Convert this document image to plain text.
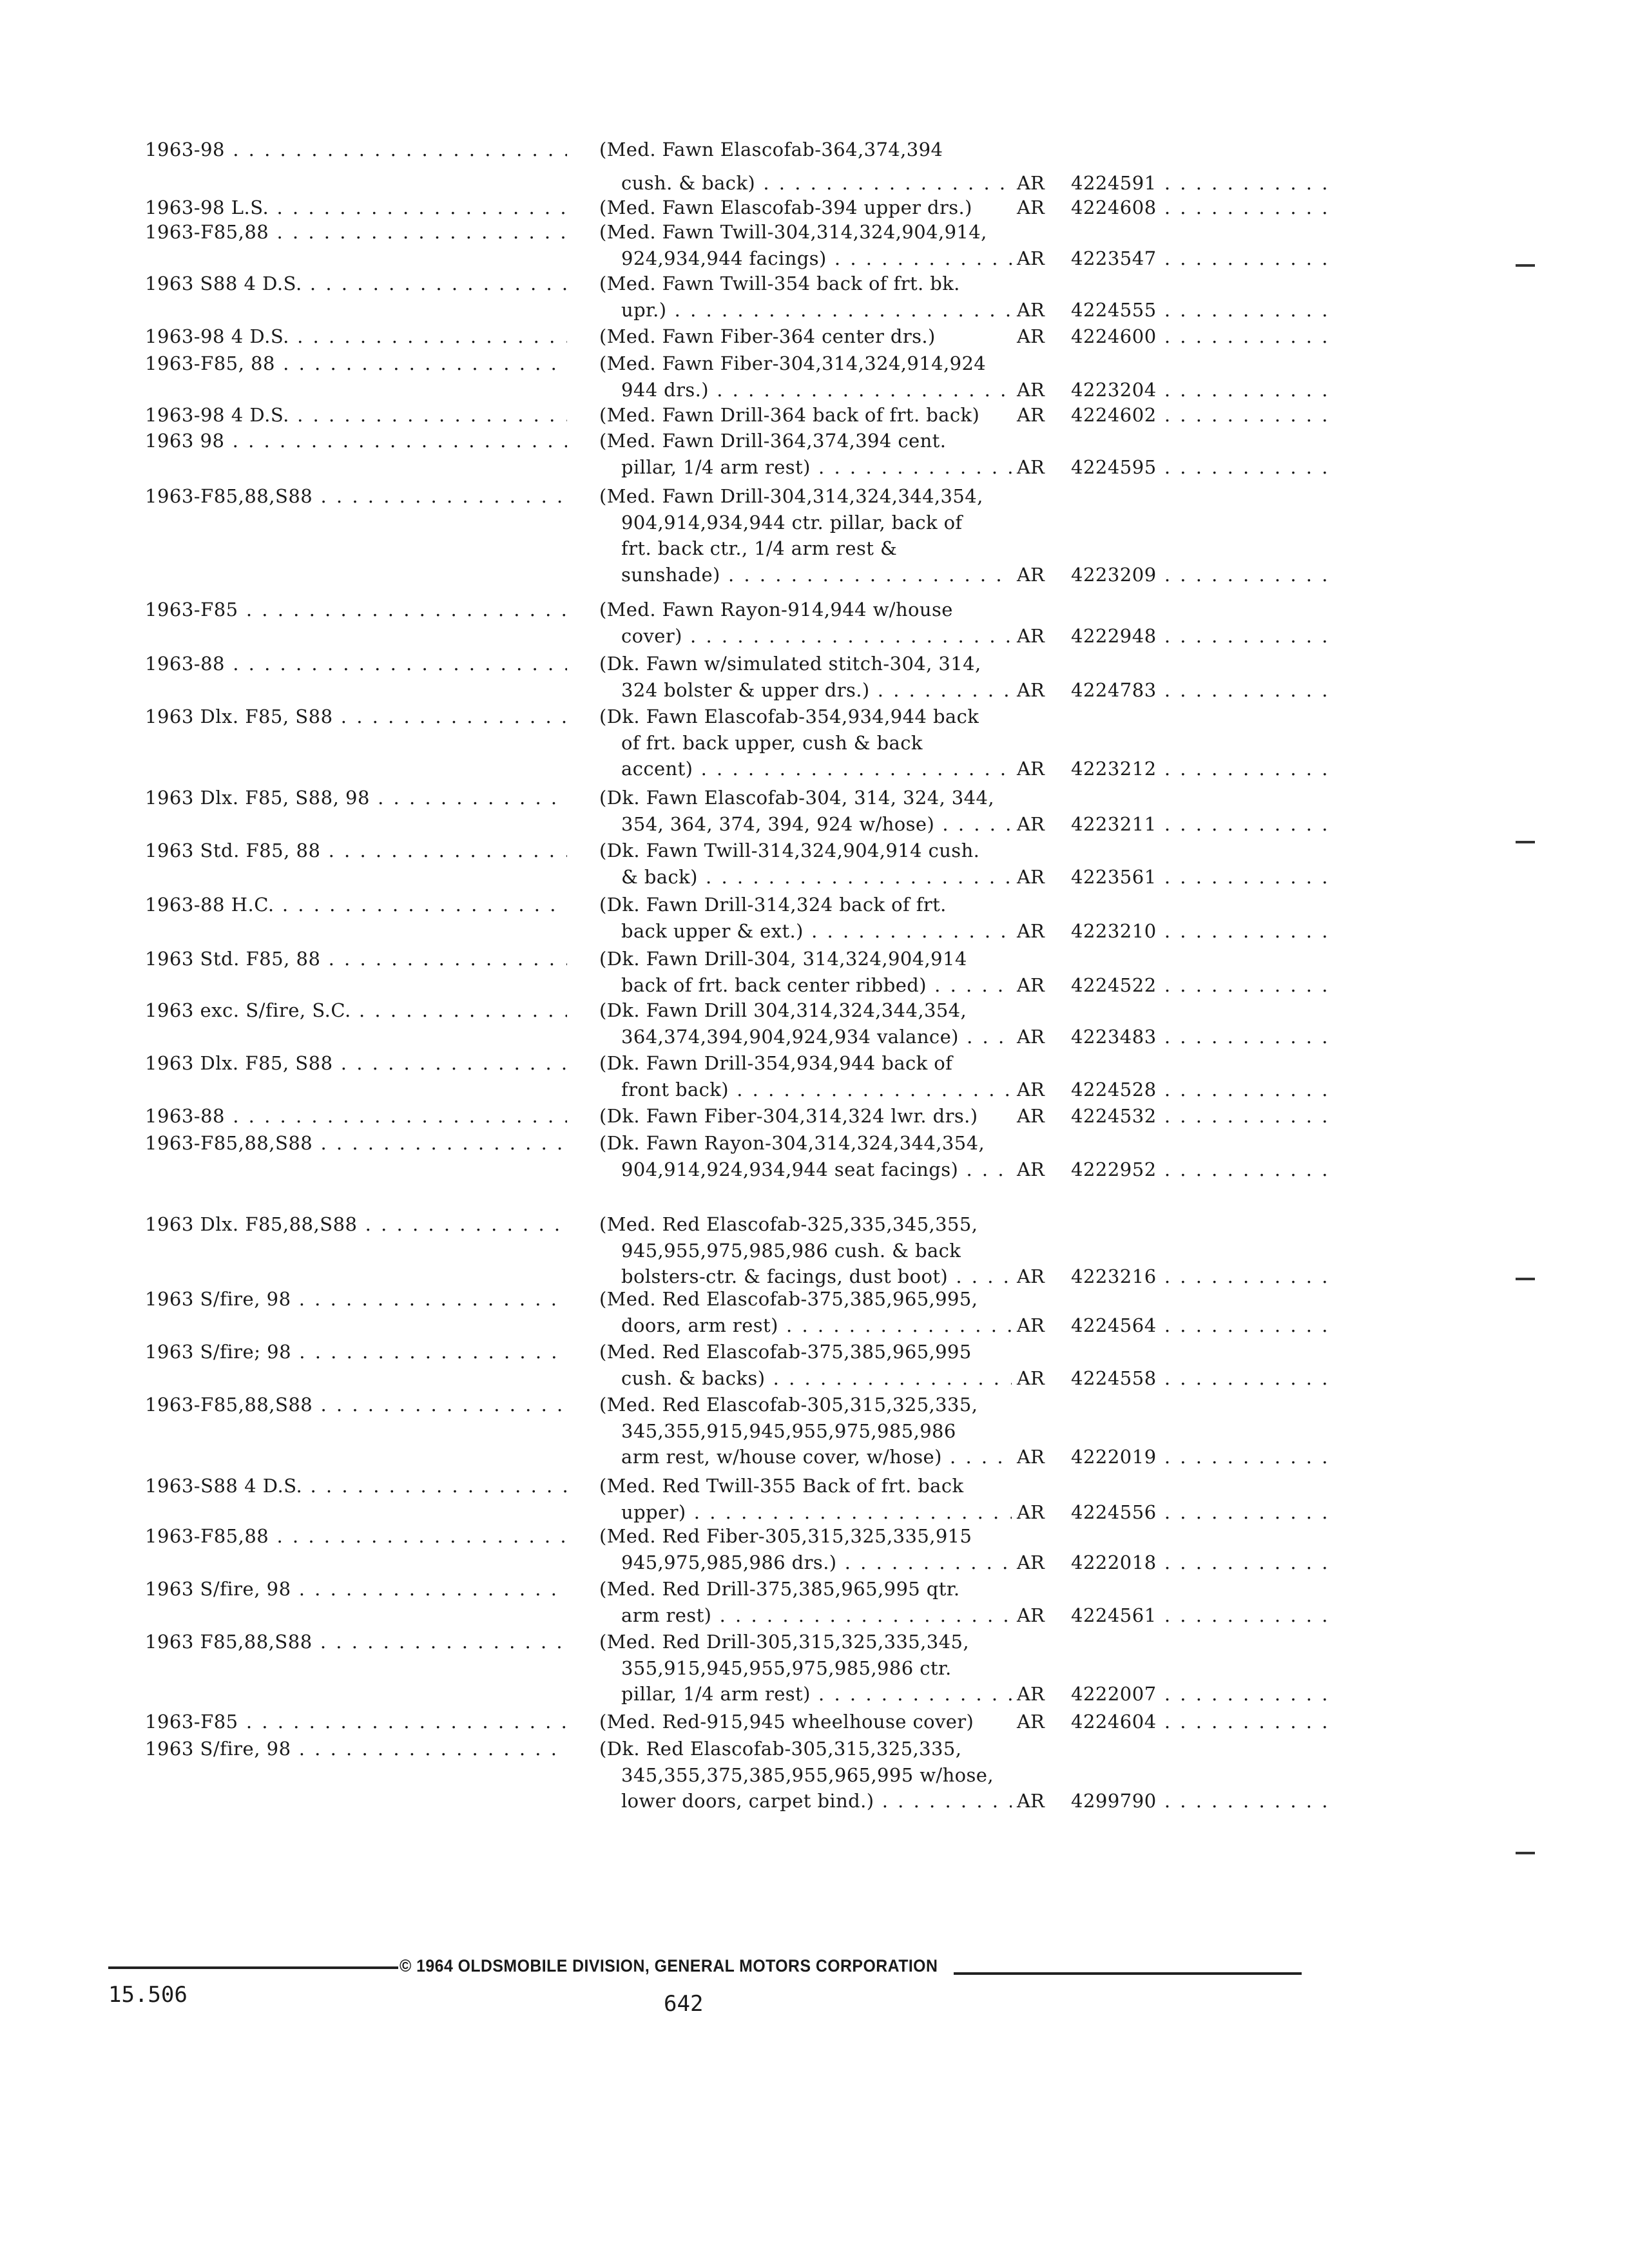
1963-98 . . .	(Med. Fawn Elascofab-364,374,394
cush. & back) . . .	AR	4224591 . . .
1963-98 L.S. . . .	(Med. Fawn Elascofab-394 upper drs.)	AR	4224608 . . .
1963-F85,88 . . .	(Med. Fawn Twill-304,314,324,904,914,
924,934,944 facings) . . .	AR	4223547 . . .
1963 S88 4 D.S. . . .	(Med. Fawn Twill-354 back of frt. bk.
upr.) . . .	AR	4224555 . . .
1963-98 4 D.S. . . .	(Med. Fawn Fiber-364 center drs.)	AR	4224600 . . .
1963-F85, 88 . . .	(Med. Fawn Fiber-304,314,324,914,924
944 drs.) . . .	AR	4223204 . . .
1963-98 4 D.S. . . .	(Med. Fawn Drill-364 back of frt. back)	AR	4224602 . . .
1963 98 . . .	(Med. Fawn Drill-364,374,394 cent.
pillar, 1/4 arm rest) . . .	AR	4224595 . . .
1963-F85,88,S88 . . .	(Med. Fawn Drill-304,314,324,344,354,
904,914,934,944 ctr. pillar, back of
frt. back ctr., 1/4 arm rest &
sunshade) . . .	AR	4223209 . . .
1963-F85 . . .	(Med. Fawn Rayon-914,944 w/house
cover) . . .	AR	4222948 . . .
1963-88 . . .	(Dk. Fawn w/simulated stitch-304, 314,
324 bolster & upper drs.) . . .	AR	4224783 . . .
1963 Dlx. F85, S88 . . .	(Dk. Fawn Elascofab-354,934,944 back
of frt. back upper, cush & back
accent) . . .	AR	4223212 . . .
1963 Dlx. F85, S88, 98 . . .	(Dk. Fawn Elascofab-304, 314, 324, 344,
354, 364, 374, 394, 924 w/hose) . . .	AR	4223211 . . .
1963 Std. F85, 88 . . .	(Dk. Fawn Twill-314,324,904,914 cush.
& back) . . .	AR	4223561 . . .
1963-88 H.C. . . .	(Dk. Fawn Drill-314,324 back of frt.
back upper & ext.) . . .	AR	4223210 . . .
1963 Std. F85, 88 . . .	(Dk. Fawn Drill-304, 314,324,904,914
back of frt. back center ribbed) . . .	AR	4224522 . . .
1963 exc. S/fire, S.C. . . .	(Dk. Fawn Drill 304,314,324,344,354,
364,374,394,904,924,934 valance) . . .	AR	4223483 . . .
1963 Dlx. F85, S88 . . .	(Dk. Fawn Drill-354,934,944 back of
front back) . . .	AR	4224528 . . .
1963-88 . . .	(Dk. Fawn Fiber-304,314,324 lwr. drs.)	AR	4224532 . . .
1963-F85,88,S88 . . .	(Dk. Fawn Rayon-304,314,324,344,354,
904,914,924,934,944 seat facings) . . .	AR	4222952 . . .
1963 Dlx. F85,88,S88 . . .	(Med. Red Elascofab-325,335,345,355,
945,955,975,985,986 cush. & back
bolsters-ctr. & facings, dust boot) . . .	AR	4223216 . . .
1963 S/fire, 98 . . .	(Med. Red Elascofab-375,385,965,995,
doors, arm rest) . . .	AR	4224564 . . .
1963 S/fire; 98 . . .	(Med. Red Elascofab-375,385,965,995
cush. & backs) . . .	AR	4224558 . . .
1963-F85,88,S88 . . .	(Med. Red Elascofab-305,315,325,335,
345,355,915,945,955,975,985,986
arm rest, w/house cover, w/hose) . . .	AR	4222019 . . .
1963-S88 4 D.S. . . .	(Med. Red Twill-355 Back of frt. back
upper) . . .	AR	4224556 . . .
1963-F85,88 . . .	(Med. Red Fiber-305,315,325,335,915
945,975,985,986 drs.) . . .	AR	4222018 . . .
1963 S/fire, 98 . . .	(Med. Red Drill-375,385,965,995 qtr.
arm rest) . . .	AR	4224561 . . .
1963 F85,88,S88 . . .	(Med. Red Drill-305,315,325,335,345,
355,915,945,955,975,985,986 ctr.
pillar, 1/4 arm rest) . . .	AR	4222007 . . .
1963-F85 . . .	(Med. Red-915,945 wheelhouse cover)	AR	4224604 . . .
1963 S/fire, 98 . . .	(Dk. Red Elascofab-305,315,325,335,
345,355,375,385,955,965,995 w/hose,
lower doors, carpet bind.) . . .	AR	4299790 . . .
© 1964 OLDSMOBILE DIVISION, GENERAL MOTORS CORPORATION
15.506	642
